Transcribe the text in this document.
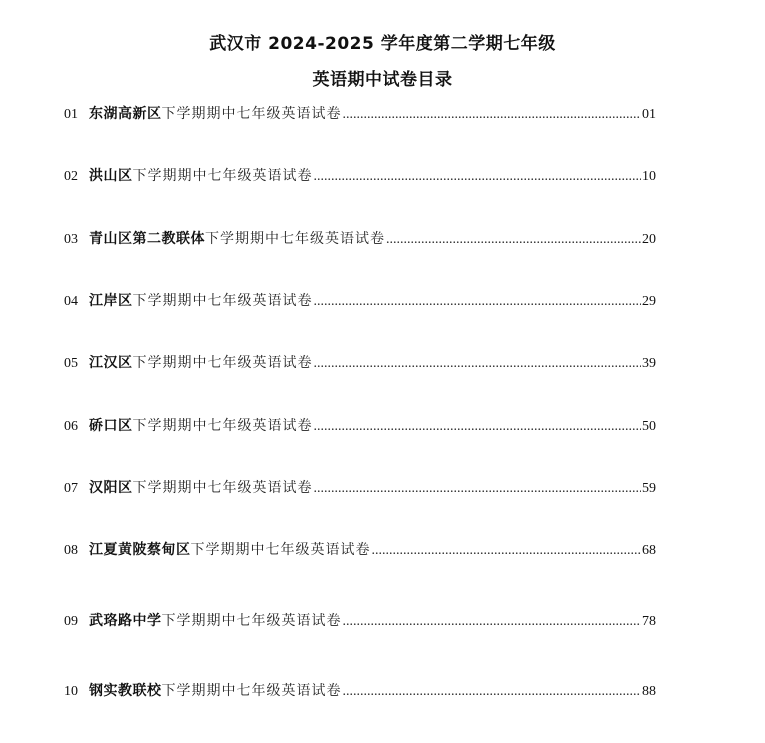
武汉市 2024-2025 学年度第二学期七年级
英语期中试卷目录
01 东湖高新区 下学期期中七年级英语试卷 .....	01
02 洪山区 下学期期中七年级英语试卷 .....	10
03 青山区第二教联体 下学期期中七年级英语试卷 .....	20
04 江岸区 下学期期中七年级英语试卷 .....	29
05 江汉区 下学期期中七年级英语试卷 .....	39
06 硚口区 下学期期中七年级英语试卷 .....	50
07 汉阳区 下学期期中七年级英语试卷 .....	59
08 江夏黄陂蔡甸区 下学期期中七年级英语试卷 .....	68
09 武珞路中学 下学期期中七年级英语试卷 .....	78
10 钢实教联校 下学期期中七年级英语试卷 .....	88
